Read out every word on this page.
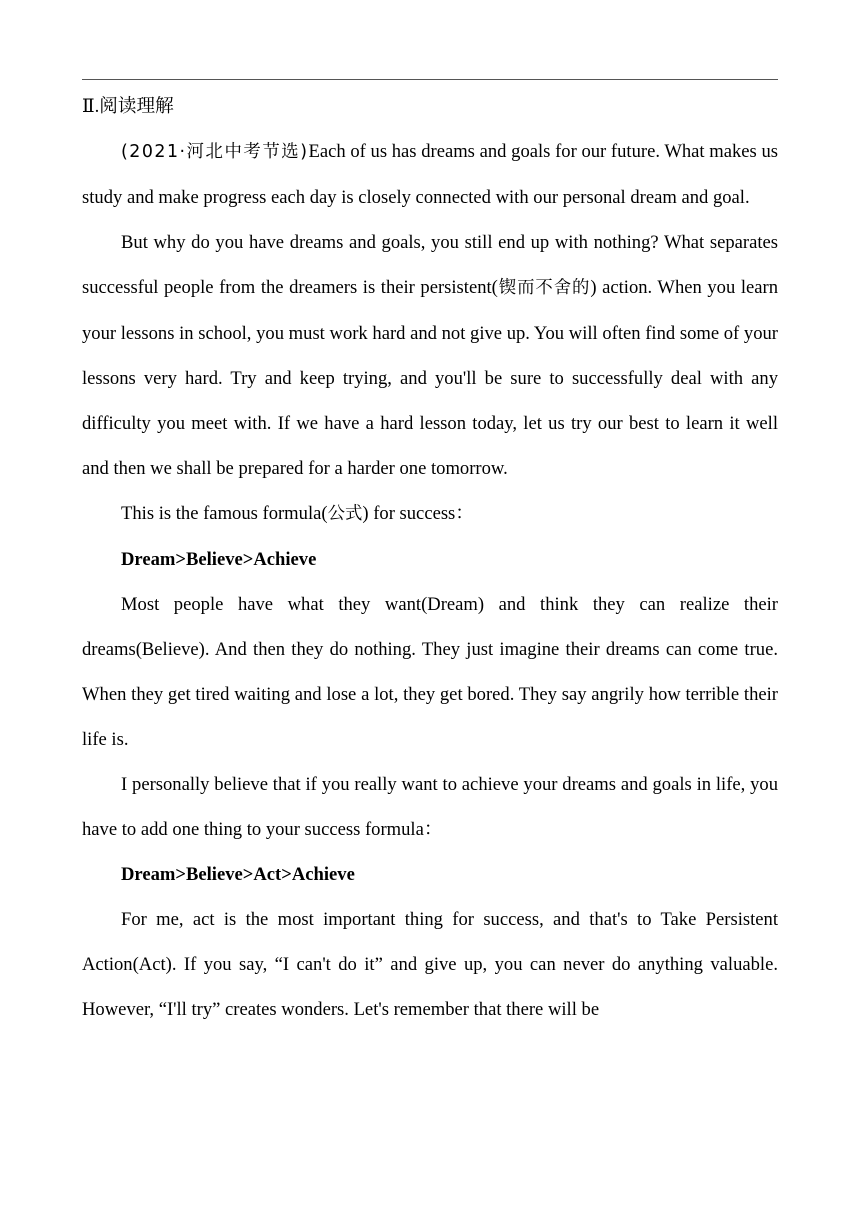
Ⅱ.阅读理解

(2021·河北中考节选)Each of us has dreams and goals for our future. What makes us study and make progress each day is closely connected with our personal dream and goal.

But why do you have dreams and goals, you still end up with nothing? What separates successful people from the dreamers is their persistent(锲而不舍的) action. When you learn your lessons in school, you must work hard and not give up. You will often find some of your lessons very hard. Try and keep trying, and you'll be sure to successfully deal with any difficulty you meet with. If we have a hard lesson today, let us try our best to learn it well and then we shall be prepared for a harder one tomorrow.

This is the famous formula(公式) for success：

Dream>Believe>Achieve

Most people have what they want(Dream) and think they can realize their dreams(Believe). And then they do nothing. They just imagine their dreams can come true. When they get tired waiting and lose a lot, they get bored. They say angrily how terrible their life is.

I personally believe that if you really want to achieve your dreams and goals in life, you have to add one thing to your success formula：

Dream>Believe>Act>Achieve

For me, act is the most important thing for success, and that's to Take Persistent Action(Act). If you say, “I can't do it” and give up, you can never do anything valuable. However, “I'll try” creates wonders. Let's remember that there will be
